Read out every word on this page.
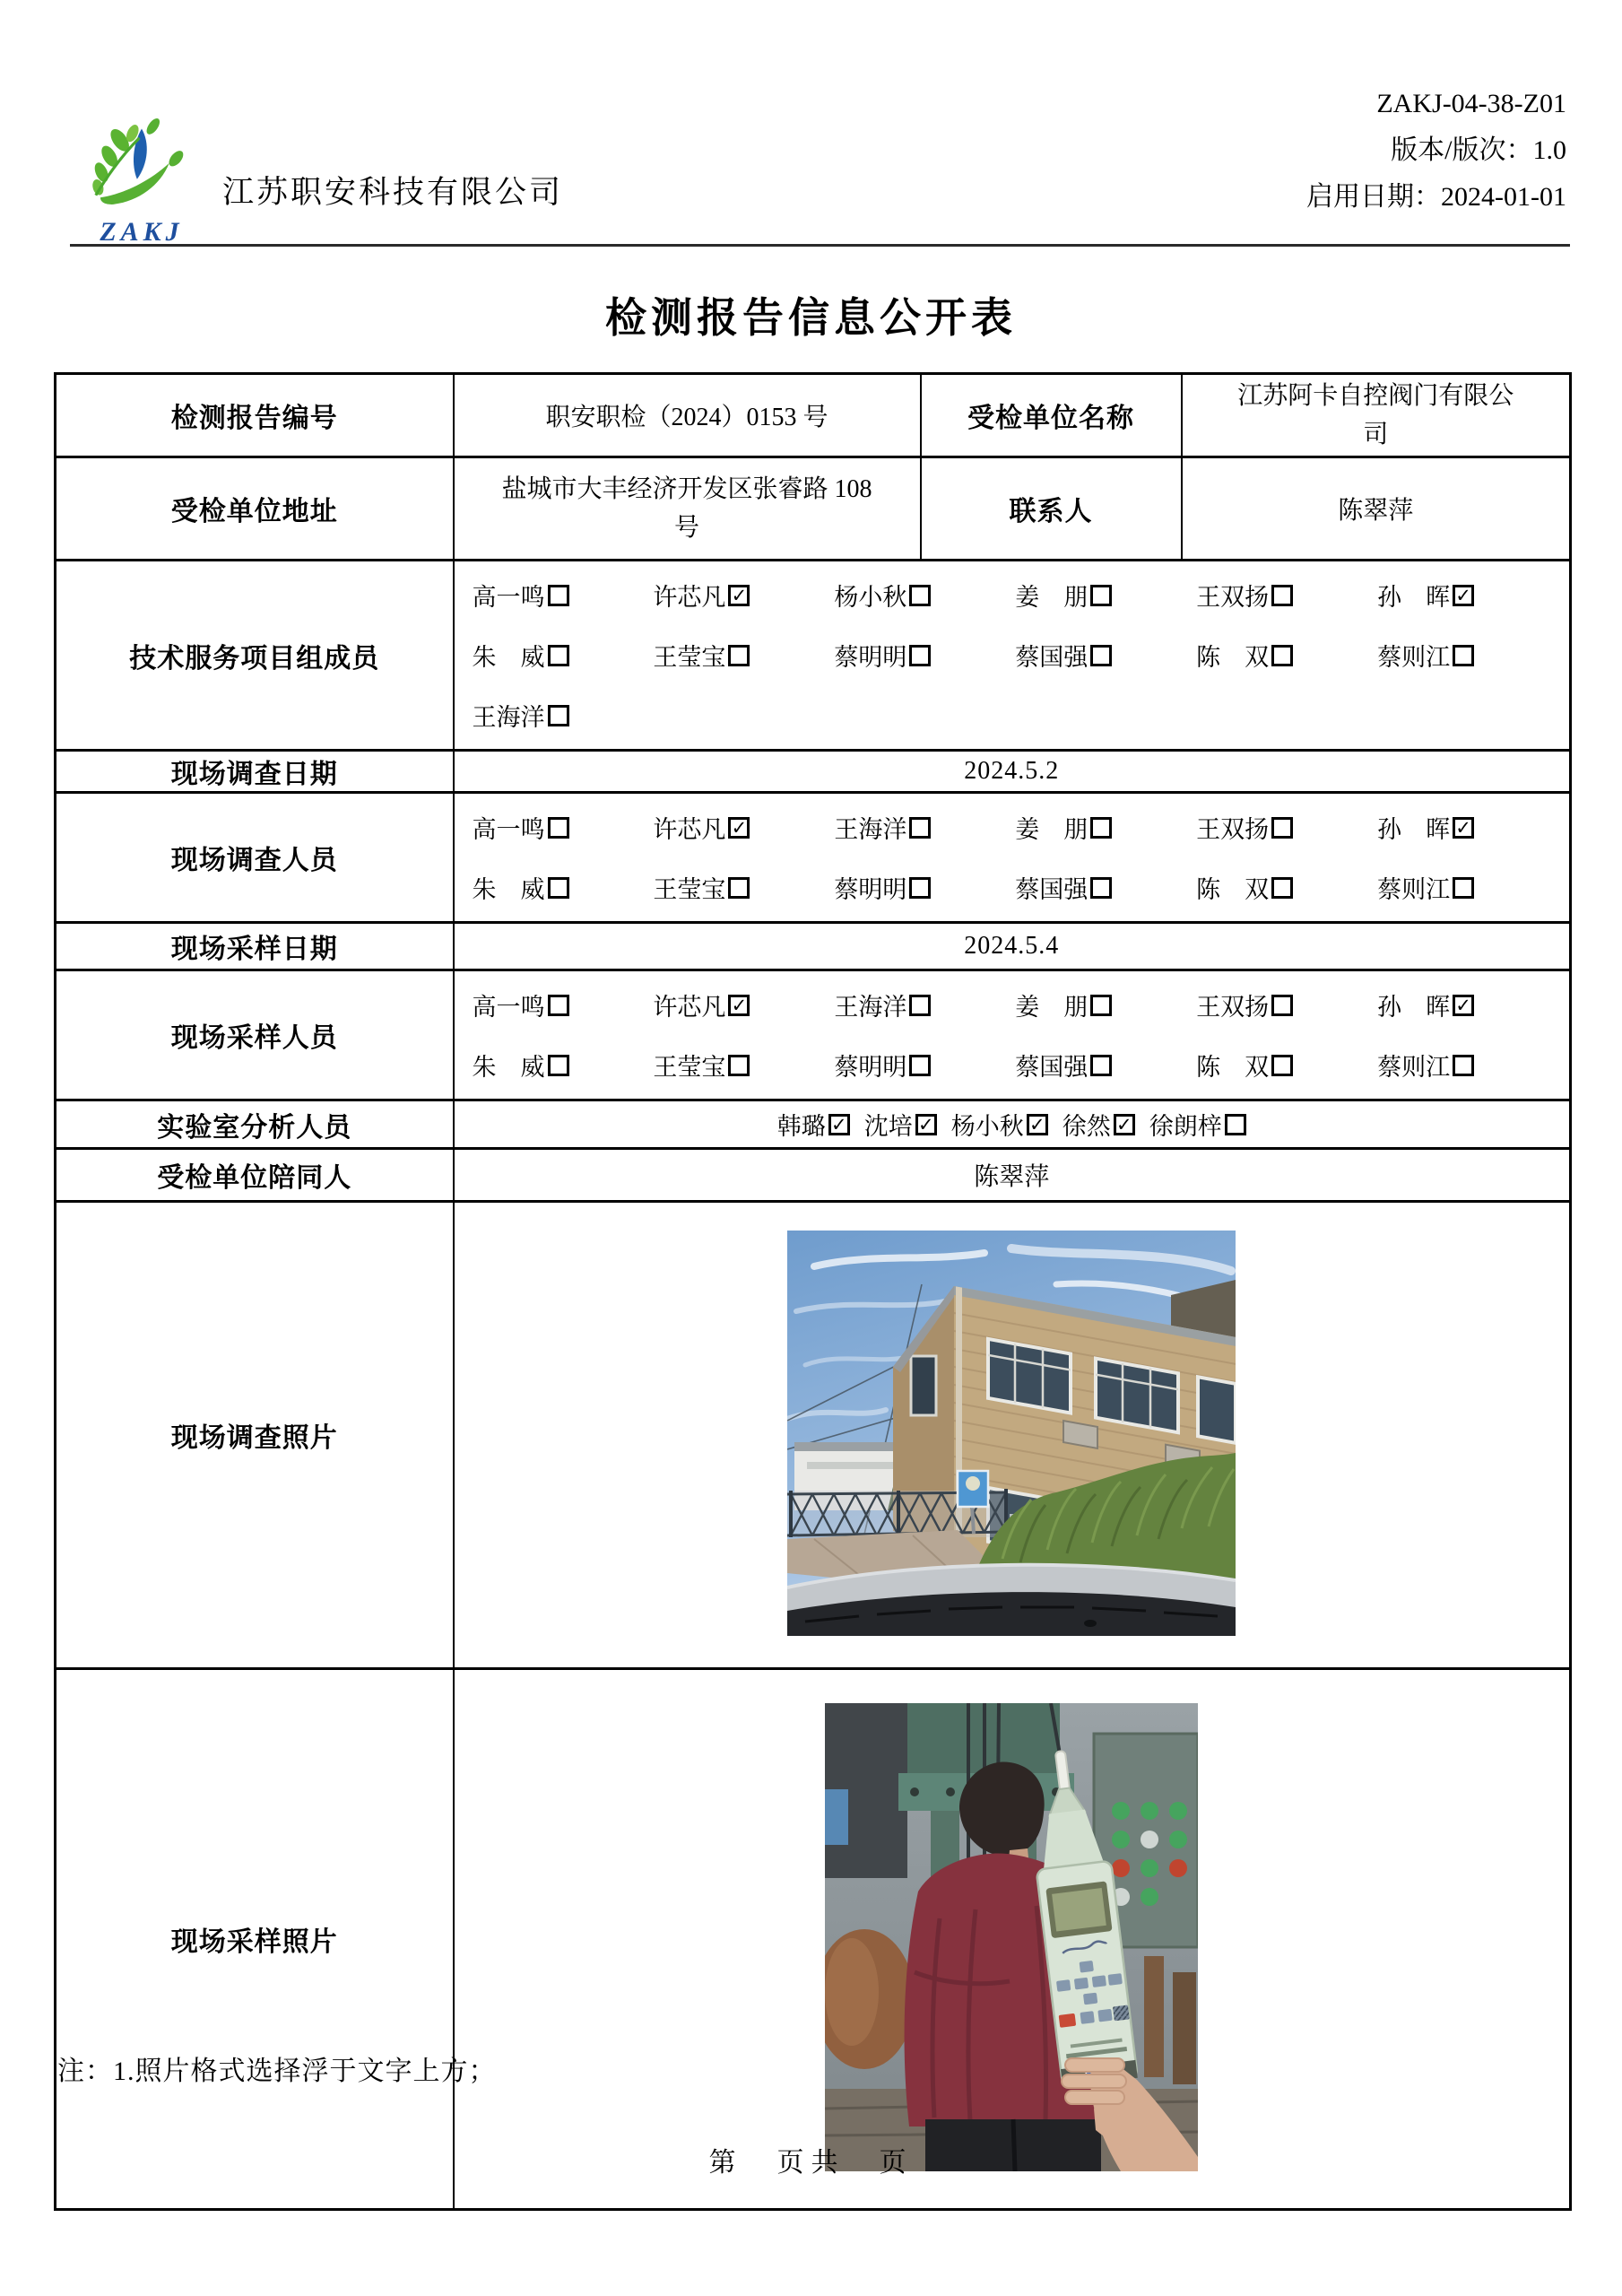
ZAKJ
江苏职安科技有限公司
ZAKJ-04-38-Z01
版本/版次：1.0
启用日期：2024-01-01
检测报告信息公开表
检测报告编号	职安职检（2024）0153 号	受检单位名称	江苏阿卡自控阀门有限公司
受检单位地址	盐城市大丰经济开发区张睿路 108 号	联系人	陈翠萍
技术服务项目组成员	
高一鸣	许芯凡 ✓	杨小秋	姜　朋	王双扬	孙　晖 ✓
朱　威	王莹宝	蔡明明	蔡国强	陈　双	蔡则江
王海洋

现场调查日期	2024.5.2		
现场调查人员	
高一鸣	许芯凡 ✓	王海洋	姜　朋	王双扬	孙　晖 ✓
朱　威	王莹宝	蔡明明	蔡国强	陈　双	蔡则江

现场采样日期	2024.5.4		
现场采样人员	
高一鸣	许芯凡 ✓	王海洋	姜　朋	王双扬	孙　晖 ✓
朱　威	王莹宝	蔡明明	蔡国强	陈　双	蔡则江

实验室分析人员	韩璐 ✓ 沈培 ✓ 杨小秋 ✓ 徐然 ✓ 徐朗梓

受检单位陪同人	陈翠萍		
现场调查照片	
现场采样照片	
注：1.照片格式选择浮于文字上方；
第　页共　页
